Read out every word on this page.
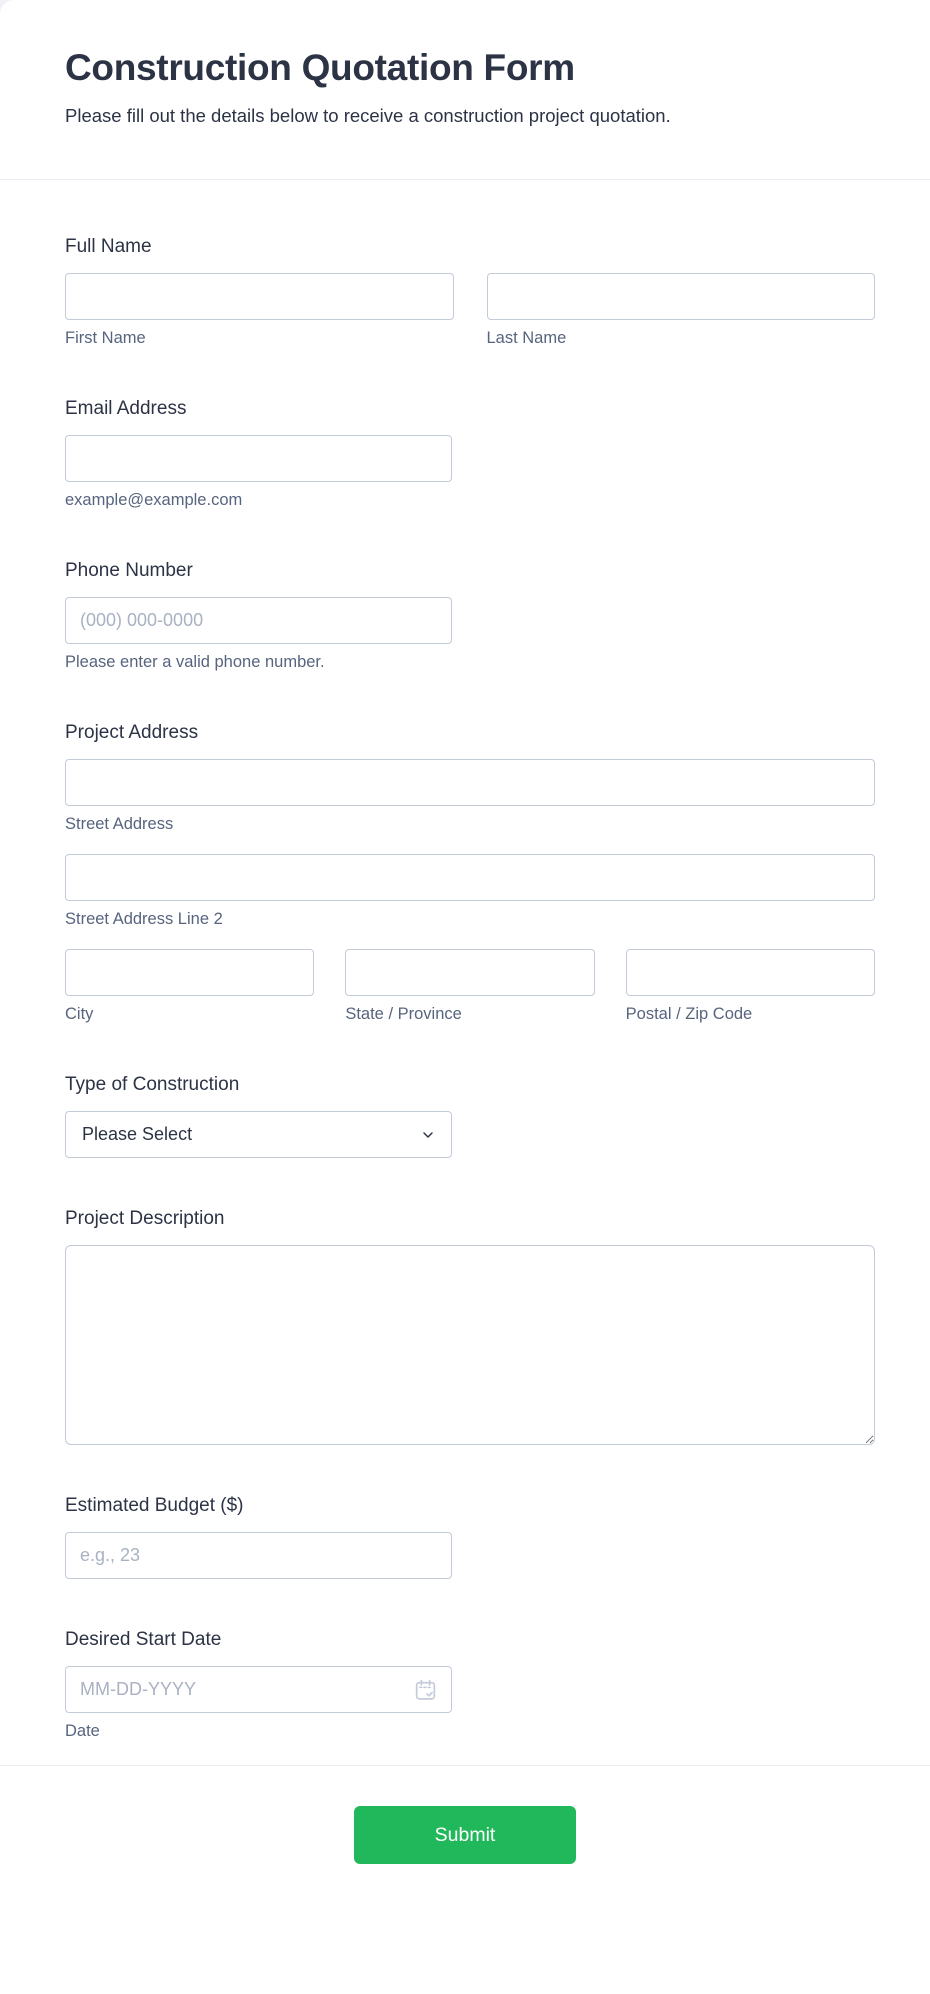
Construction Quotation Form

Please fill out the details below to receive a construction project quotation.

Full Name
First Name	Last Name
Email Address
example@example.com
Phone Number
(000) 000-0000
Please enter a valid phone number.
Project Address
Street Address
Street Address Line 2
City	State / Province	Postal / Zip Code
Type of Construction
Please Select
Project Description
Estimated Budget ($)
e.g., 23
Desired Start Date
MM-DD-YYYY
Date
Submit
